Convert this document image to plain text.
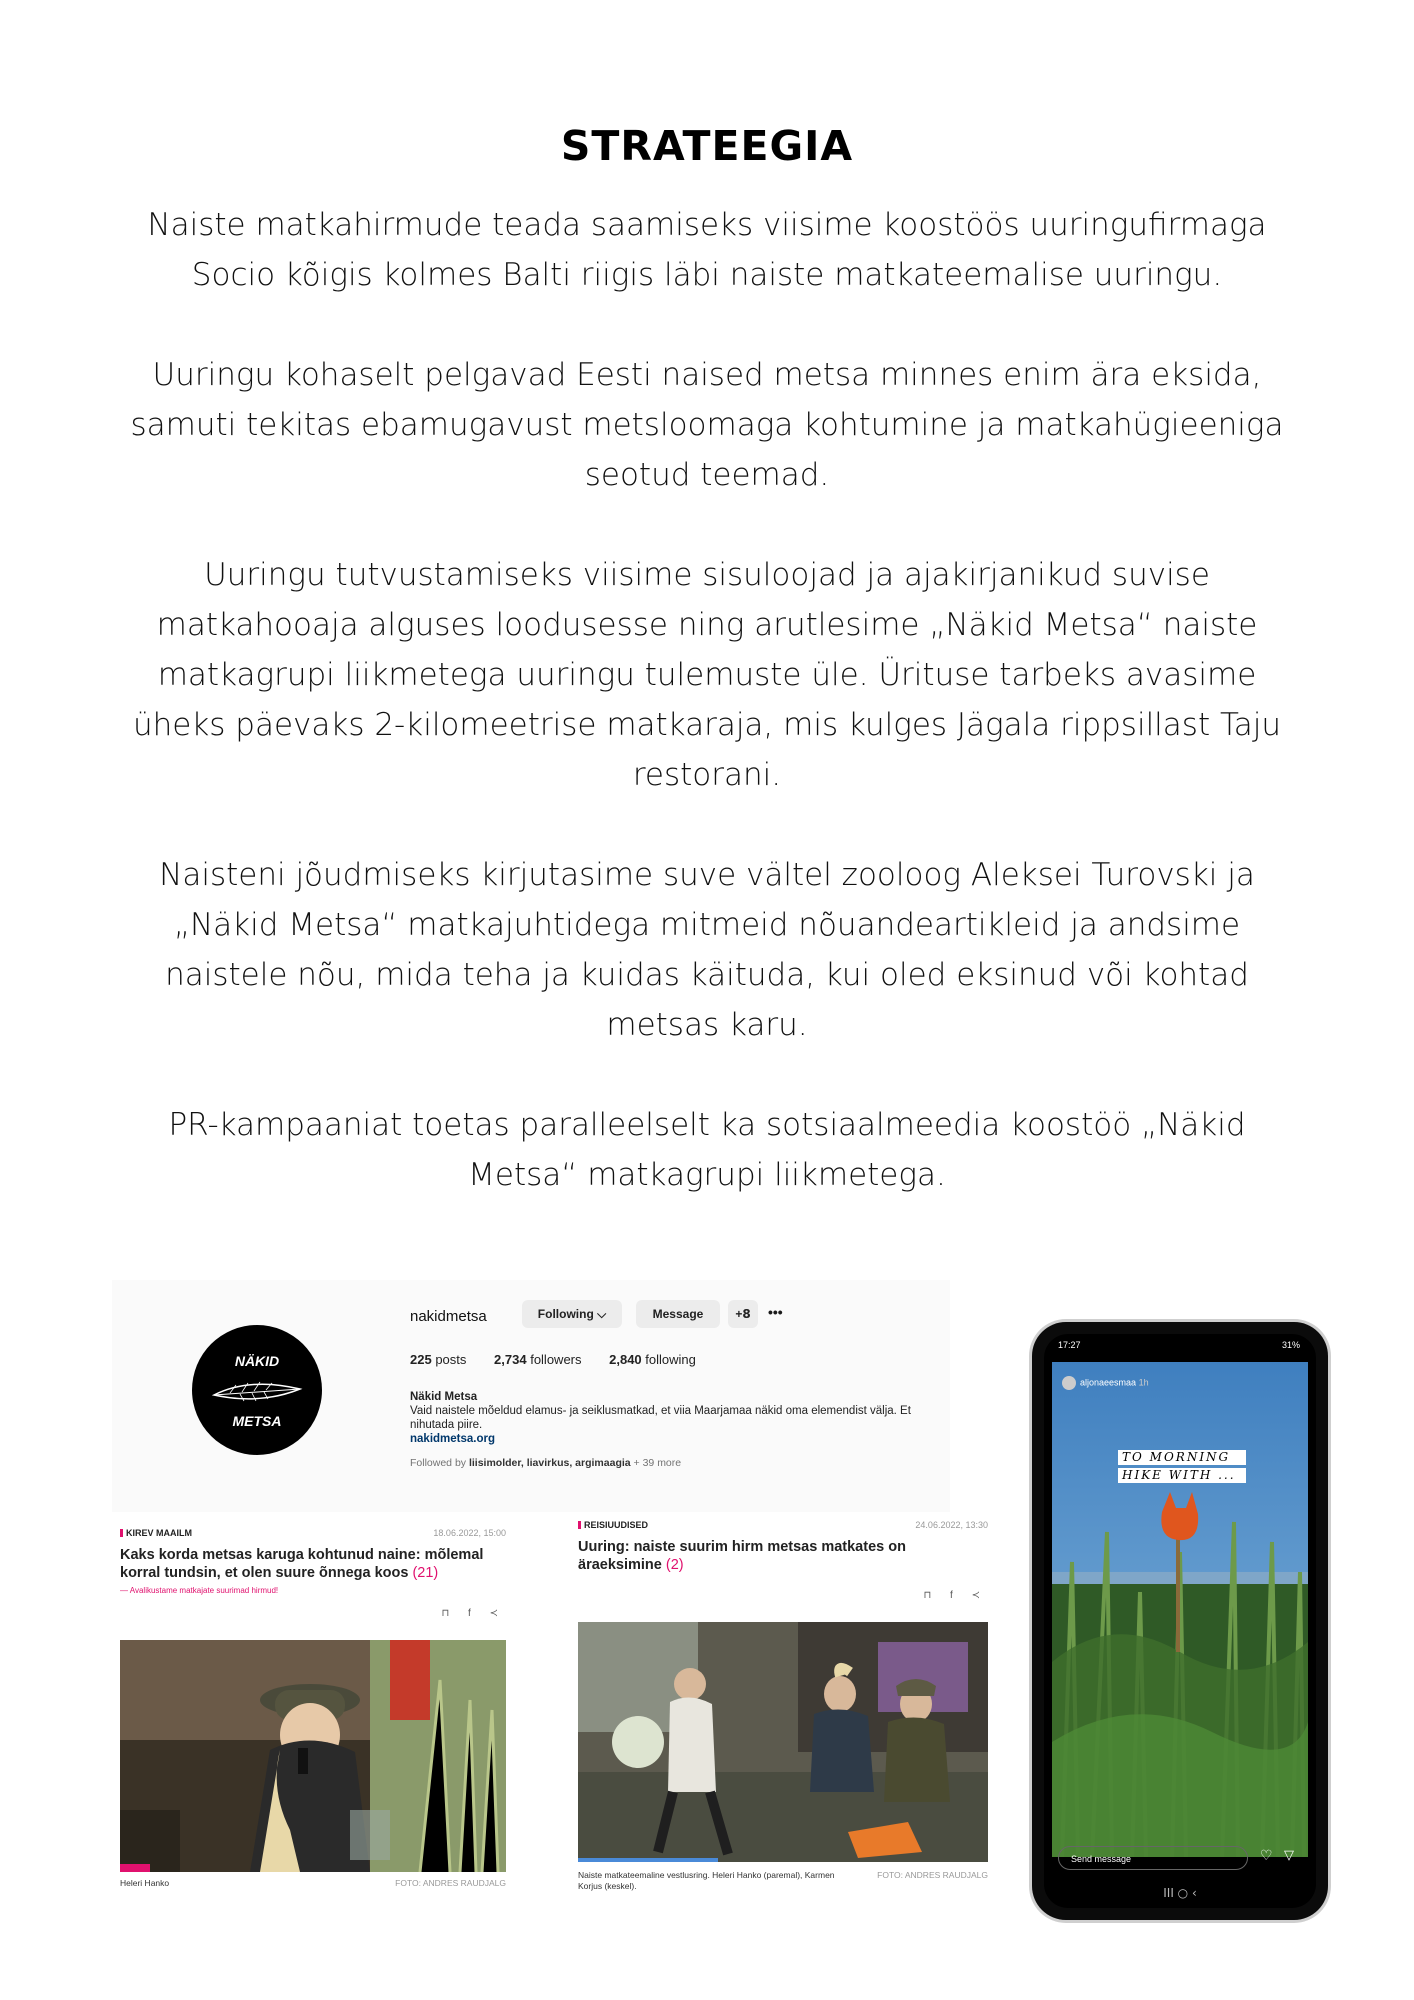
STRATEEGIA

Naiste matkahirmude teada saamiseks viisime koostöös uuringufirmaga Socio kõigis kolmes Balti riigis läbi naiste matkateemalise uuringu.

Uuringu kohaselt pelgavad Eesti naised metsa minnes enim ära eksida, samuti tekitas ebamugavust metsloomaga kohtumine ja matkahügieeniga seotud teemad.

Uuringu tutvustamiseks viisime sisuloojad ja ajakirjanikud suvise matkahooaja alguses loodusesse ning arutlesime „Näkid Metsa“ naiste matkagrupi liikmetega uuringu tulemuste üle. Ürituse tarbeks avasime üheks päevaks 2-kilomeetrise matkaraja, mis kulges Jägala rippsillast Taju restorani.

Naisteni jõudmiseks kirjutasime suve vältel zooloog Aleksei Turovski ja „Näkid Metsa“ matkajuhtidega mitmeid nõuandeartikleid ja andsime naistele nõu, mida teha ja kuidas käituda, kui oled eksinud või kohtad metsas karu.

PR-kampaaniat toetas paralleelselt ka sotsiaalmeedia koostöö „Näkid Metsa“ matkagrupi liikmetega.

NÄKID
METSA
nakidmetsa	Following ⌵	Message	+𝟴	•••
225 posts 2,734 followers 2,840 following
Näkid Metsa
Vaid naistele mõeldud elamus- ja seiklusmatkad, et viia Maarjamaa näkid oma elemendist välja. Et nihutada piire.
nakidmetsa.org
Followed by liisimolder, liavirkus, argimaagia + 39 more
KIREV MAAILM	18.06.2022, 15:00
Kaks korda metsas karuga kohtunud naine: mõlemal korral tundsin, et olen suure õnnega koos (21)
— Avalikustame matkajate suurimad hirmud!
⊓ f ≺
Heleri Hanko	FOTO: ANDRES RAUDJALG
REISIUUDISED	24.06.2022, 13:30
Uuring: naiste suurim hirm metsas matkates on äraeksimine (2)
⊓ f ≺
Naiste matkateemaline vestlusring. Heleri Hanko (paremal), Karmen Korjus (keskel).
FOTO: ANDRES RAUDJALG
17:27	31%
aljonaeesmaa 1h
TO MORNING
HIKE WITH ...
Send message	♡ ▽
III ○ ‹
